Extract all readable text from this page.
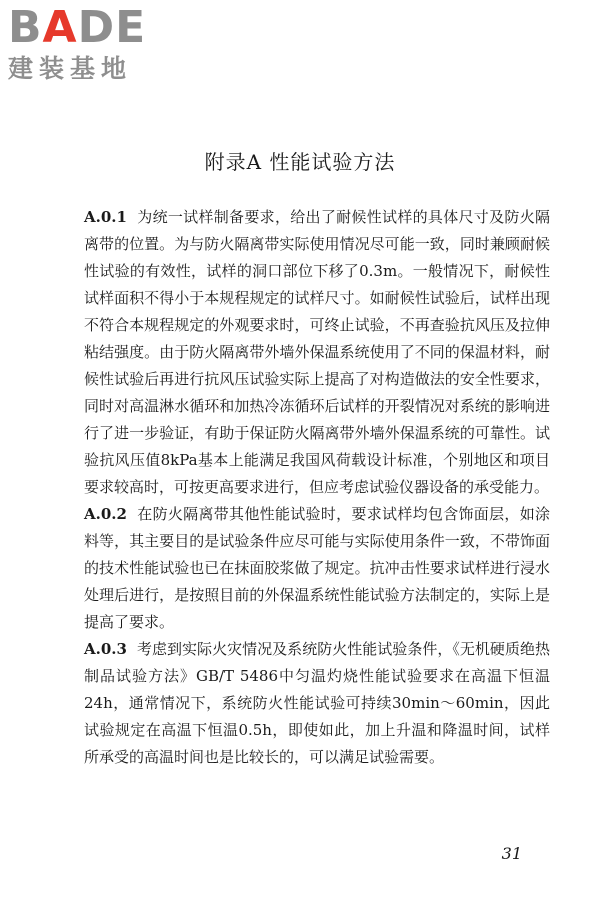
BADE
建装基地
附录A 性能试验方法

A.0.1 为统一试样制备要求，给出了耐候性试样的具体尺寸及防火隔离带的位置。为与防火隔离带实际使用情况尽可能一致，同时兼顾耐候性试验的有效性，试样的洞口部位下移了0.3m。一般情况下，耐候性试样面积不得小于本规程规定的试样尺寸。如耐候性试验后，试样出现不符合本规程规定的外观要求时，可终止试验，不再查验抗风压及拉伸粘结强度。由于防火隔离带外墙外保温系统使用了不同的保温材料，耐候性试验后再进行抗风压试验实际上提高了对构造做法的安全性要求，同时对高温淋水循环和加热冷冻循环后试样的开裂情况对系统的影响进行了进一步验证，有助于保证防火隔离带外墙外保温系统的可靠性。试验抗风压值8kPa基本上能满足我国风荷载设计标准，个别地区和项目要求较高时，可按更高要求进行，但应考虑试验仪器设备的承受能力。

A.0.2 在防火隔离带其他性能试验时，要求试样均包含饰面层，如涂料等，其主要目的是试验条件应尽可能与实际使用条件一致，不带饰面的技术性能试验也已在抹面胶浆做了规定。抗冲击性要求试样进行浸水处理后进行，是按照目前的外保温系统性能试验方法制定的，实际上是提高了要求。

A.0.3 考虑到实际火灾情况及系统防火性能试验条件，《无机硬质绝热制品试验方法》GB/T 5486中匀温灼烧性能试验要求在高温下恒温24h，通常情况下，系统防火性能试验可持续30min～60min，因此试验规定在高温下恒温0.5h，即使如此，加上升温和降温时间，试样所承受的高温时间也是比较长的，可以满足试验需要。

31
